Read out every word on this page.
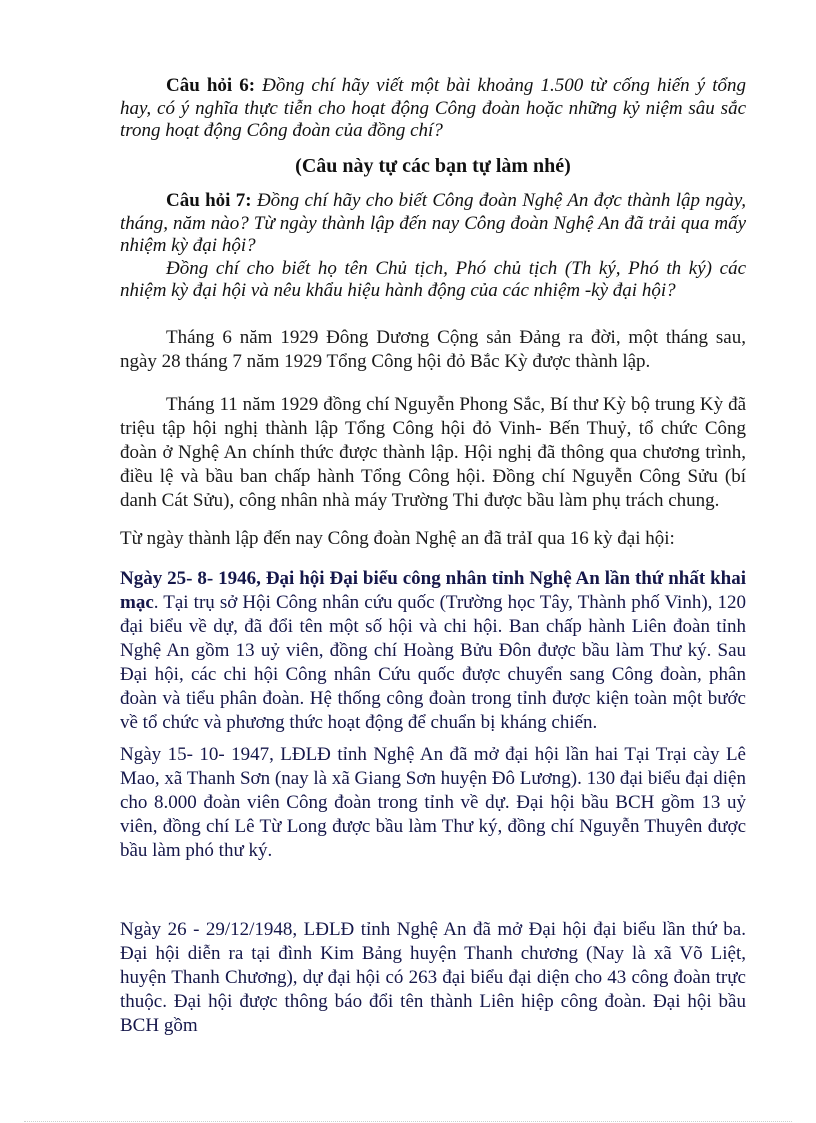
Câu hỏi 6: Đồng chí hãy viết một bài khoảng 1.500 từ cống hiến ý tổng hay, có ý nghĩa thực tiễn cho hoạt động Công đoàn hoặc những kỷ niệm sâu sắc trong hoạt động Công đoàn của đồng chí?
(Câu này tự các bạn tự làm nhé)
Câu hỏi 7: Đồng chí hãy cho biết Công đoàn Nghệ An đợc thành lập ngày, tháng, năm nào? Từ ngày thành lập đến nay Công đoàn Nghệ An đã trải qua mấy nhiệm kỳ đại hội?
Đồng chí cho biết họ tên Chủ tịch, Phó chủ tịch (Th ký, Phó th ký) các nhiệm kỳ đại hội và nêu khẩu hiệu hành động của các nhiệm -kỳ đại hội?
Tháng 6 năm 1929 Đông Dương Cộng sản Đảng ra đời, một tháng sau, ngày 28 tháng 7 năm 1929 Tổng Công hội đỏ Bắc Kỳ được thành lập.
Tháng 11 năm 1929 đồng chí Nguyễn Phong Sắc, Bí thư Kỳ bộ trung Kỳ đã triệu tập hội nghị thành lập Tổng Công hội đỏ Vinh- Bến Thuỷ, tổ chức Công đoàn ở Nghệ An chính thức được thành lập. Hội nghị đã thông qua chương trình, điều lệ và bầu ban chấp hành Tổng Công hội. Đồng chí Nguyễn Công Sửu (bí danh Cát Sửu), công nhân nhà máy Trường Thi được bầu làm phụ trách chung.
Từ ngày thành lập đến nay Công đoàn Nghệ an đã trảI qua 16 kỳ đại hội:
Ngày 25- 8- 1946, Đại hội Đại biểu công nhân tỉnh Nghệ An lần thứ nhất khai mạc. Tại trụ sở Hội Công nhân cứu quốc (Trường học Tây, Thành phố Vinh), 120 đại biểu về dự, đã đổi tên một số hội và chi hội. Ban chấp hành Liên đoàn tỉnh Nghệ An gồm 13 uỷ viên, đồng chí Hoàng Bửu Đôn được bầu làm Thư ký. Sau Đại hội, các chi hội Công nhân Cứu quốc được chuyển sang Công đoàn, phân đoàn và tiểu phân đoàn. Hệ thống công đoàn trong tỉnh được kiện toàn một bước về tổ chức và phương thức hoạt động để chuẩn bị kháng chiến.
Ngày 15- 10- 1947, LĐLĐ tỉnh Nghệ An đã mở đại hội lần hai Tại Trại cày Lê Mao, xã Thanh Sơn (nay là xã Giang Sơn huyện Đô Lương). 130 đại biểu đại diện cho 8.000 đoàn viên Công đoàn trong tỉnh về dự. Đại hội bầu BCH gồm 13 uỷ viên, đồng chí Lê Từ Long được bầu làm Thư ký, đồng chí Nguyễn Thuyên được bầu làm phó thư ký.
Ngày 26 - 29/12/1948, LĐLĐ tỉnh Nghệ An đã mở Đại hội đại biểu lần thứ ba. Đại hội diễn ra tại đình Kim Bảng huyện Thanh chương (Nay là xã Võ Liệt, huyện Thanh Chương), dự đại hội có 263 đại biểu đại diện cho 43 công đoàn trực thuộc. Đại hội được thông báo đổi tên thành Liên hiệp công đoàn. Đại hội bầu BCH gồm
